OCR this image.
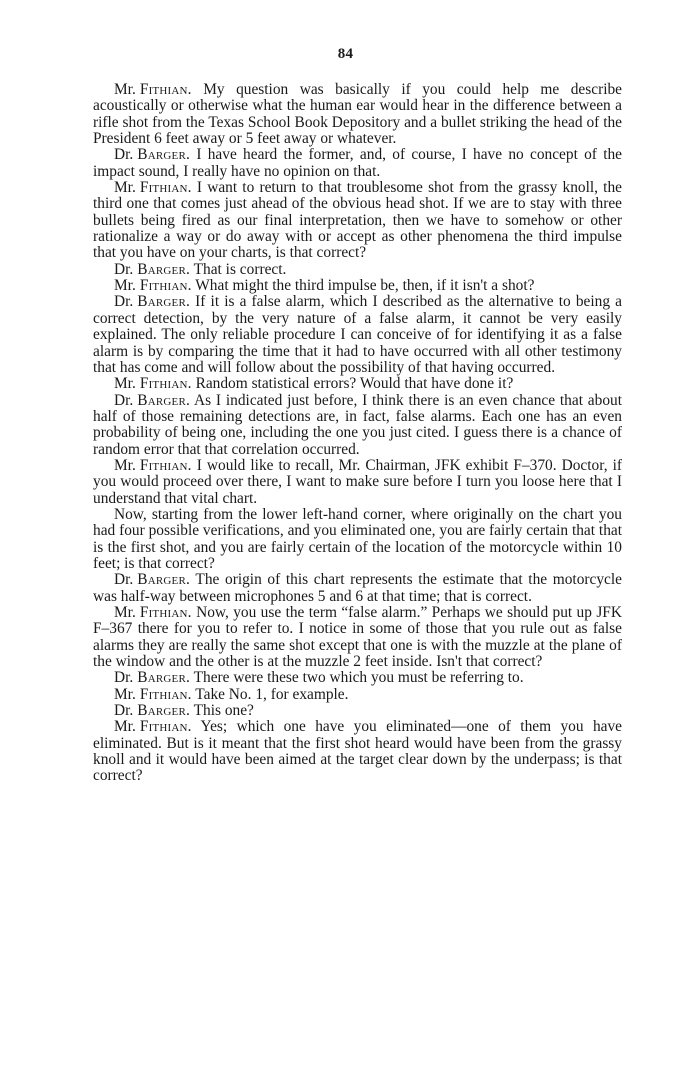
84

Mr. Fithian. My question was basically if you could help me describe acoustically or otherwise what the human ear would hear in the difference between a rifle shot from the Texas School Book Depository and a bullet striking the head of the President 6 feet away or 5 feet away or whatever.

Dr. Barger. I have heard the former, and, of course, I have no concept of the impact sound, I really have no opinion on that.

Mr. Fithian. I want to return to that troublesome shot from the grassy knoll, the third one that comes just ahead of the obvious head shot. If we are to stay with three bullets being fired as our final interpretation, then we have to somehow or other rationalize a way or do away with or accept as other phenomena the third impulse that you have on your charts, is that correct?

Dr. Barger. That is correct.

Mr. Fithian. What might the third impulse be, then, if it isn't a shot?

Dr. Barger. If it is a false alarm, which I described as the alternative to being a correct detection, by the very nature of a false alarm, it cannot be very easily explained. The only reliable procedure I can conceive of for identifying it as a false alarm is by comparing the time that it had to have occurred with all other testimony that has come and will follow about the possibility of that having occurred.

Mr. Fithian. Random statistical errors? Would that have done it?

Dr. Barger. As I indicated just before, I think there is an even chance that about half of those remaining detections are, in fact, false alarms. Each one has an even probability of being one, including the one you just cited. I guess there is a chance of random error that that correlation occurred.

Mr. Fithian. I would like to recall, Mr. Chairman, JFK exhibit F–370. Doctor, if you would proceed over there, I want to make sure before I turn you loose here that I understand that vital chart.

Now, starting from the lower left-hand corner, where originally on the chart you had four possible verifications, and you eliminated one, you are fairly certain that that is the first shot, and you are fairly certain of the location of the motorcycle within 10 feet; is that correct?

Dr. Barger. The origin of this chart represents the estimate that the motorcycle was half-way between microphones 5 and 6 at that time; that is correct.

Mr. Fithian. Now, you use the term “false alarm.” Perhaps we should put up JFK F–367 there for you to refer to. I notice in some of those that you rule out as false alarms they are really the same shot except that one is with the muzzle at the plane of the window and the other is at the muzzle 2 feet inside. Isn't that correct?

Dr. Barger. There were these two which you must be referring to.

Mr. Fithian. Take No. 1, for example.

Dr. Barger. This one?

Mr. Fithian. Yes; which one have you eliminated—one of them you have eliminated. But is it meant that the first shot heard would have been from the grassy knoll and it would have been aimed at the target clear down by the underpass; is that correct?
